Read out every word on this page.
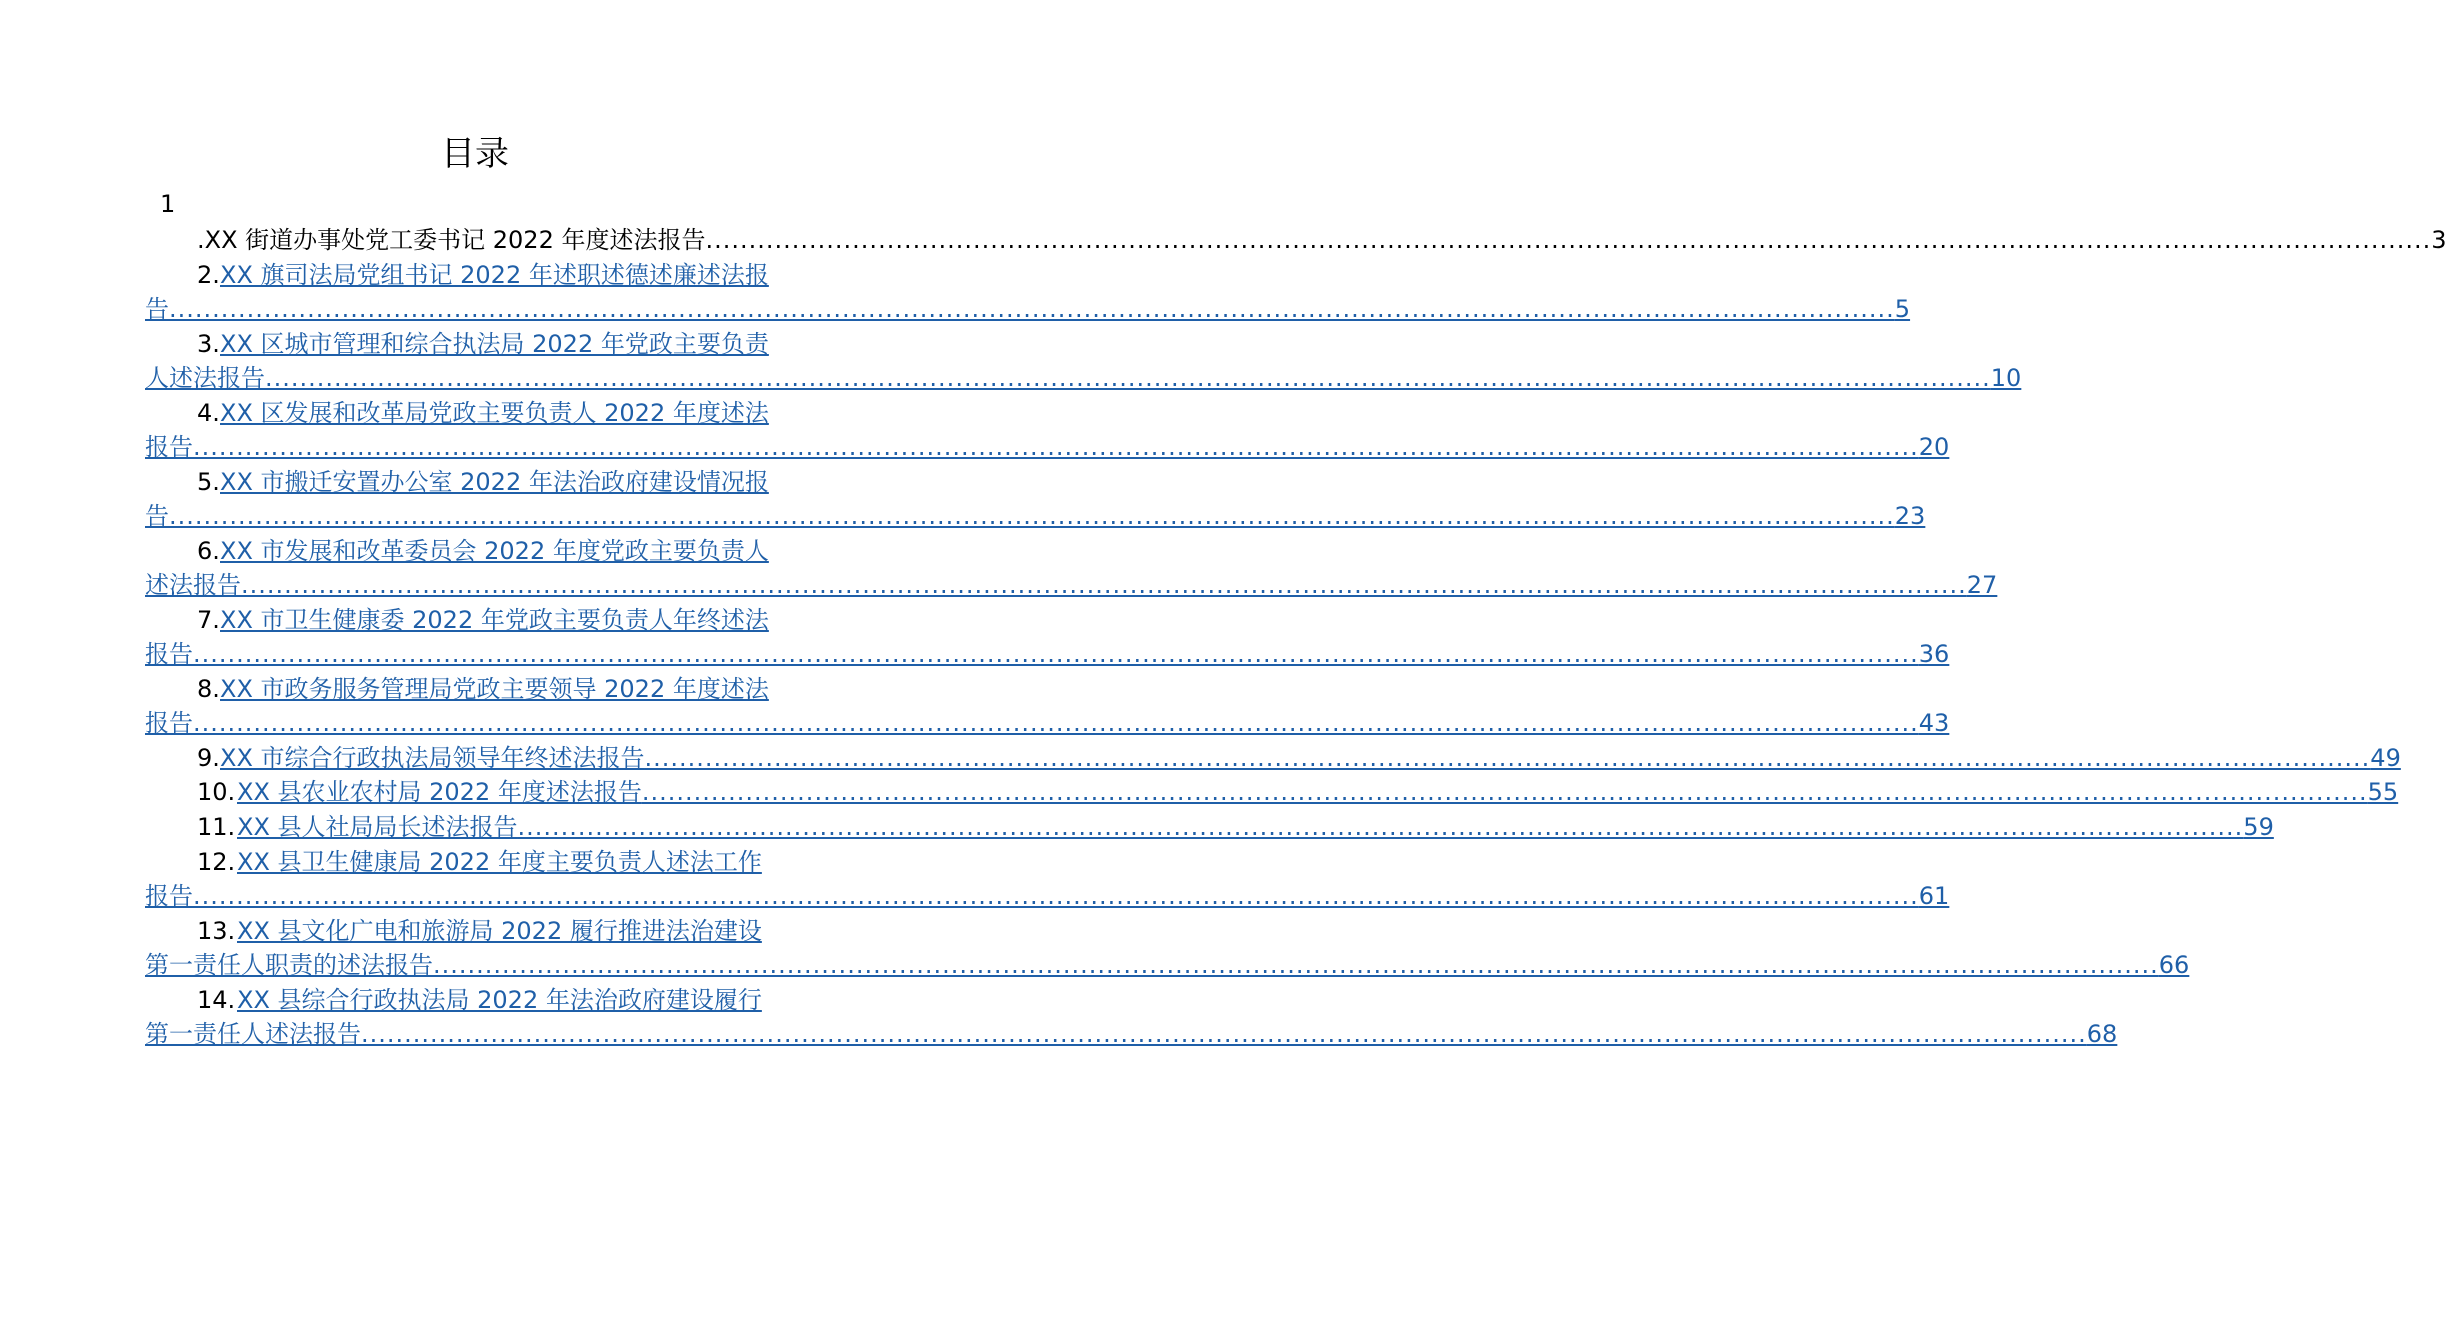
目录
1
.XX 街道办事处党工委书记 2022 年度述法报告 ........................................................................................................................................................................................................ 3
2. XX 旗司法局党组书记 2022 年述职述德述廉述法报
告 ........................................................................................................................................................................................................ 5
3. XX 区城市管理和综合执法局 2022 年党政主要负责
人述法报告 ........................................................................................................................................................................................................ 10
4. XX 区发展和改革局党政主要负责人 2022 年度述法
报告 ........................................................................................................................................................................................................ 20
5. XX 市搬迁安置办公室 2022 年法治政府建设情况报
告 ........................................................................................................................................................................................................ 23
6. XX 市发展和改革委员会 2022 年度党政主要负责人
述法报告 ........................................................................................................................................................................................................ 27
7. XX 市卫生健康委 2022 年党政主要负责人年终述法
报告 ........................................................................................................................................................................................................ 36
8. XX 市政务服务管理局党政主要领导 2022 年度述法
报告 ........................................................................................................................................................................................................ 43
9. XX 市综合行政执法局领导年终述法报告 ........................................................................................................................................................................................................ 49
10. XX 县农业农村局 2022 年度述法报告 ........................................................................................................................................................................................................ 55
11. XX 县人社局局长述法报告 ........................................................................................................................................................................................................ 59
12. XX 县卫生健康局 2022 年度主要负责人述法工作
报告 ........................................................................................................................................................................................................ 61
13. XX 县文化广电和旅游局 2022 履行推进法治建设
第一责任人职责的述法报告 ........................................................................................................................................................................................................ 66
14. XX 县综合行政执法局 2022 年法治政府建设履行
第一责任人述法报告 ........................................................................................................................................................................................................ 68
